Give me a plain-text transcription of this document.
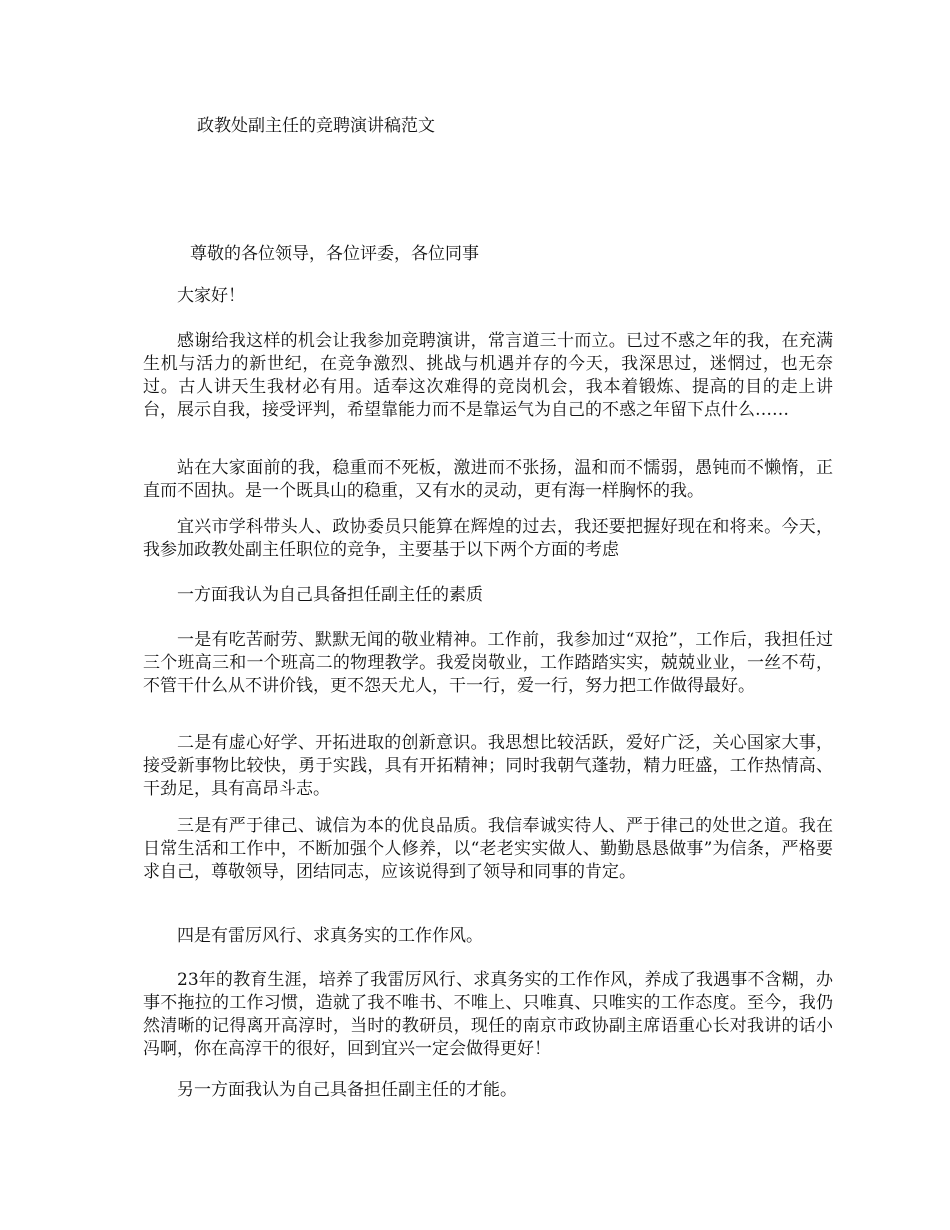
政教处副主任的竞聘演讲稿范文
尊敬的各位领导，各位评委，各位同事

大家好！

感谢给我这样的机会让我参加竞聘演讲，常言道三十而立。已过不惑之年的我，在充满生机与活力的新世纪，在竞争激烈、挑战与机遇并存的今天，我深思过，迷惘过，也无奈过。古人讲天生我材必有用。适奉这次难得的竞岗机会，我本着锻炼、提高的目的走上讲台，展示自我，接受评判，希望靠能力而不是靠运气为自己的不惑之年留下点什么……

站在大家面前的我，稳重而不死板，激进而不张扬，温和而不懦弱，愚钝而不懒惰，正直而不固执。是一个既具山的稳重，又有水的灵动，更有海一样胸怀的我。

宜兴市学科带头人、政协委员只能算在辉煌的过去，我还要把握好现在和将来。今天，我参加政教处副主任职位的竞争，主要基于以下两个方面的考虑

一方面我认为自己具备担任副主任的素质

一是有吃苦耐劳、默默无闻的敬业精神。工作前，我参加过“双抢”，工作后，我担任过三个班高三和一个班高二的物理教学。我爱岗敬业，工作踏踏实实，兢兢业业，一丝不苟，不管干什么从不讲价钱，更不怨天尤人，干一行，爱一行，努力把工作做得最好。

二是有虚心好学、开拓进取的创新意识。我思想比较活跃，爱好广泛，关心国家大事，接受新事物比较快，勇于实践，具有开拓精神；同时我朝气蓬勃，精力旺盛，工作热情高、干劲足，具有高昂斗志。

三是有严于律己、诚信为本的优良品质。我信奉诚实待人、严于律己的处世之道。我在日常生活和工作中，不断加强个人修养，以“老老实实做人、勤勤恳恳做事”为信条，严格要求自己，尊敬领导，团结同志，应该说得到了领导和同事的肯定。

四是有雷厉风行、求真务实的工作作风。

23年的教育生涯，培养了我雷厉风行、求真务实的工作作风，养成了我遇事不含糊，办事不拖拉的工作习惯，造就了我不唯书、不唯上、只唯真、只唯实的工作态度。至今，我仍然清晰的记得离开高淳时，当时的教研员，现任的南京市政协副主席语重心长对我讲的话小冯啊，你在高淳干的很好，回到宜兴一定会做得更好！

另一方面我认为自己具备担任副主任的才能。
